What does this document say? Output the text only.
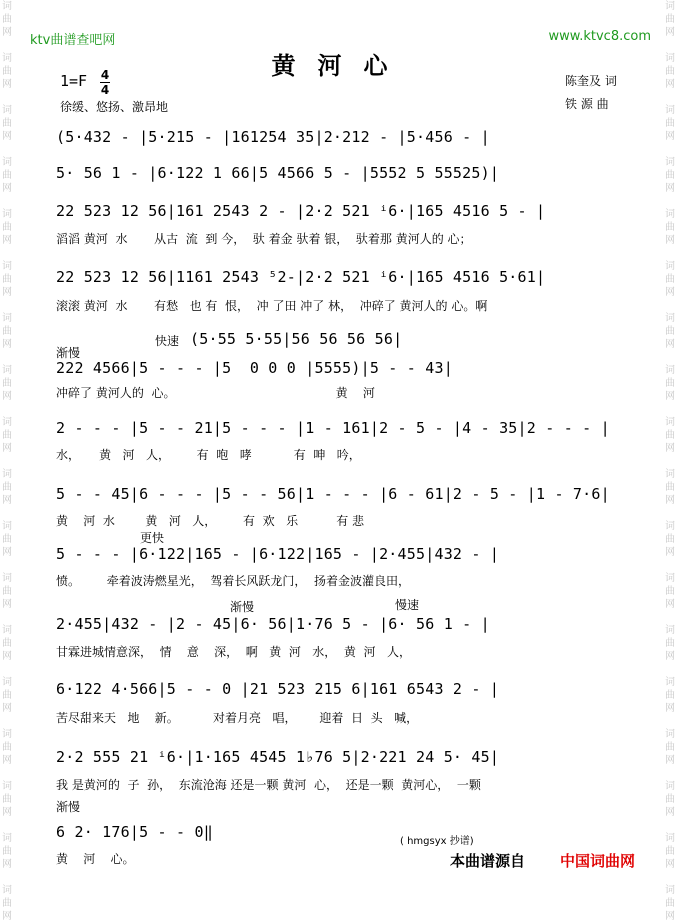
词
曲
网

词
曲
网

词
曲
网

词
曲
网

词
曲
网

词
曲
网

词
曲
网

词
曲
网

词
曲
网

词
曲
网

词
曲
网

词
曲
网

词
曲
网

词
曲
网

词
曲
网

词
曲
网

词
曲
网

词
曲
网
词
曲
网

词
曲
网

词
曲
网

词
曲
网

词
曲
网

词
曲
网

词
曲
网

词
曲
网

词
曲
网

词
曲
网

词
曲
网

词
曲
网

词
曲
网

词
曲
网

词
曲
网

词
曲
网

词
曲
网

词
曲
网
ktv曲谱查吧网	www.ktvc8.com
黄河心
1=F 4
4
徐缓、悠扬、激昂地
陈奎及 词
铁 源 曲
快速 (5·55 5·55|56 56 56 56|
渐慢
更快
渐慢	慢速
渐慢
(5·432 - |5·215 - |161254 35|2·212 - |5·456 - |
5· 56 1 - |6·122 1 66|5 4566 5 - |5552 5 55525)|
22 523 12 56|161 2543 2 - |2·2 521 ⁱ6·|165 4516 5 - |
滔滔 黄河  水       从古  流  到 今，  驮 着金 驮着 银，  驮着那 黄河人的 心；
22 523 12 56|1161 2543 ⁵2-|2·2 521 ⁱ6·|165 4516 5·61|
滚滚 黄河  水       有愁   也 有  恨，  冲 了田 冲了 林，  冲碎了 黄河人的 心。啊
222 4566|5 - - - |5  0 0 0 |5555)|5 - - 43|
冲碎了 黄河人的  心。                                          黄    河
2 - - - |5 - - 21|5 - - - |1 - 161|2 - 5 - |4 - 35|2 - - - |
水，     黄   河   人，       有  咆   哮           有  呻   吟，
5 - - 45|6 - - - |5 - - 56|1 - - - |6 - 61|2 - 5 - |1 - 7·6|
黄    河  水        黄   河   人，       有  欢   乐          有 悲
5 - - - |6·122|165 - |6·122|165 - |2·455|432 - |
愤。       牵着波涛燃星光，  驾着长风跃龙门，  扬着金波灌良田，
2·455|432 - |2 - 45|6· 56|1·76 5 - |6· 56 1 - |
甘霖进城情意深，  情    意    深，  啊   黄  河   水，  黄  河   人，
6·122 4·566|5 - - 0 |21 523 215 6|161 6543 2 - |
苦尽甜来天   地    新。         对着月亮   唱，      迎着  日  头   喊，
2·2 555 21 ⁱ6·|1·165 4545 1♭76 5|2·221 24 5· 45|
我 是黄河的  子  孙，  东流沧海 还是一颗 黄河  心，  还是一颗  黄河心，  一颗
6 2· 176|5 - - 0‖
黄    河    心。
( hmgsyx 抄谱)
本曲谱源自 中国词曲网
